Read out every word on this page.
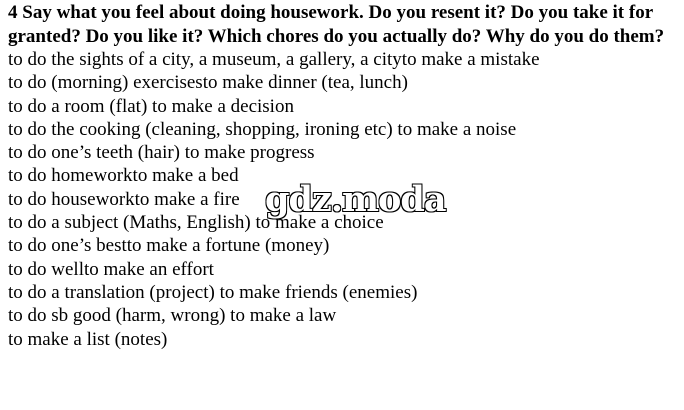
4 Say what you feel about doing housework. Do you resent it? Do you take it for granted? Do you like it? Which chores do you actually do? Why do you do them?

to do the sights of a city, a museum, a gallery, a cityto make a mistake
to do (morning) exercisesto make dinner (tea, lunch)
to do a room (flat) to make a decision
to do the cooking (cleaning, shopping, ironing etc) to make a noise
to do one’s teeth (hair) to make progress
to do homeworkto make a bed
to do houseworkto make a fire
to do a subject (Maths, English) to make a choice
to do one’s bestto make a fortune (money)
to do wellto make an effort
to do a translation (project) to make friends (enemies)
to do sb good (harm, wrong) to make a law
to make a list (notes)
gdz.moda
